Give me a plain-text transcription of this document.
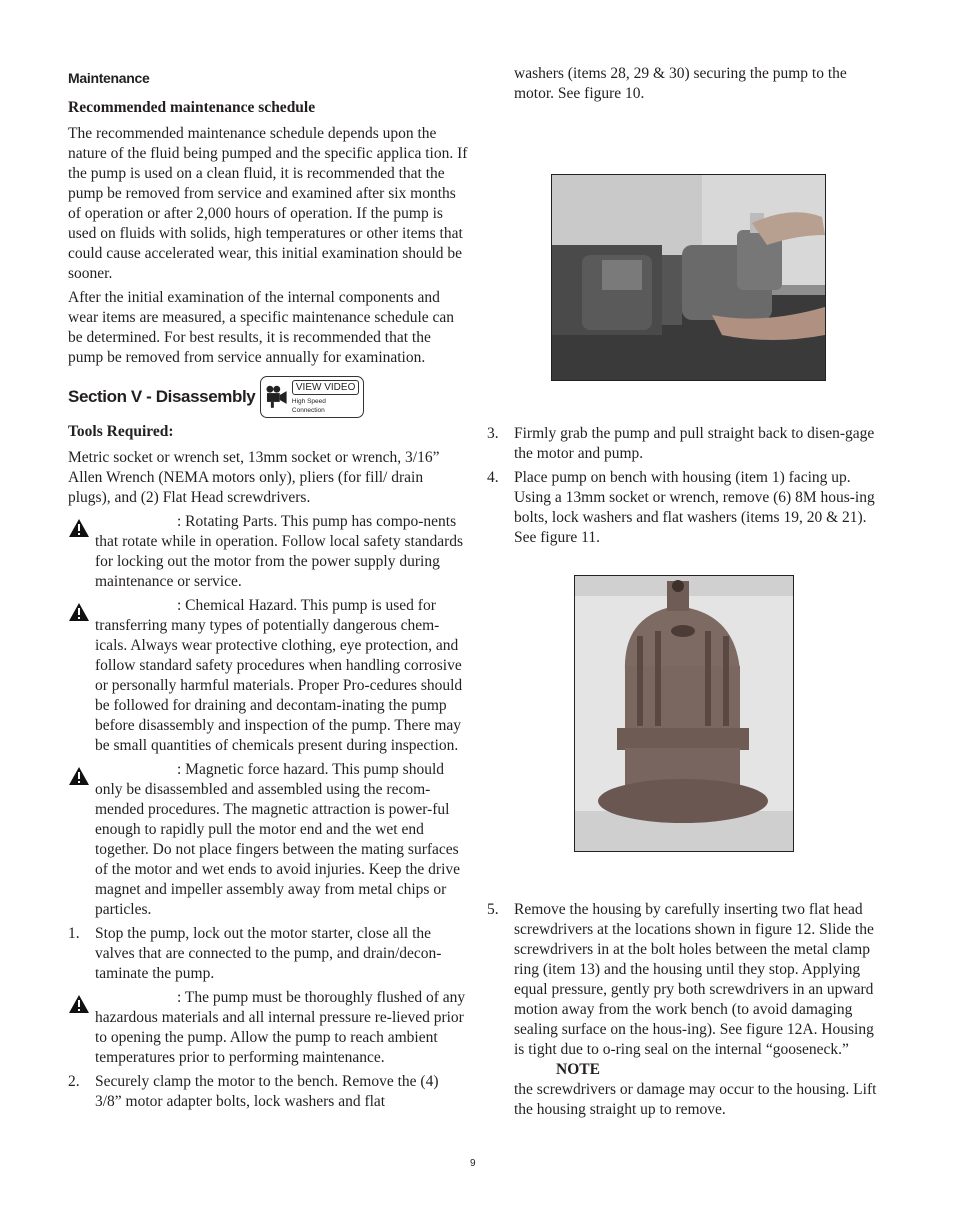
Maintenance
Recommended maintenance schedule

The recommended maintenance schedule depends upon the nature of the fluid being pumped and the specific applica tion. If the pump is used on a clean fluid, it is recommended that the pump be removed from service and examined after six months of operation or after 2,000 hours of operation. If the pump is used on fluids with solids, high temperatures or other items that could cause accelerated wear, this initial examination should be sooner.

After the initial examination of the internal components and wear items are measured, a specific maintenance schedule can be determined. For best results, it is recommended that the pump be removed from service annually for examination.

Section V - Disassembly	VIEW VIDEO
High Speed Connection
Tools Required:

Metric socket or wrench set, 13mm socket or wrench, 3/16” Allen Wrench (NEMA motors only), pliers (for fill/ drain plugs), and (2) Flat Head screwdrivers.

: Rotating Parts. This pump has compo-nents that rotate while in operation. Follow local safety standards for locking out the motor from the power supply during maintenance or service.
: Chemical Hazard. This pump is used for transferring many types of potentially dangerous chem-icals. Always wear protective clothing, eye protection, and follow standard safety procedures when handling corrosive or personally harmful materials. Proper Pro-cedures should be followed for draining and decontam-inating the pump before disassembly and inspection of the pump. There may be small quantities of chemicals present during inspection.
: Magnetic force hazard. This pump should only be disassembled and assembled using the recom-mended procedures. The magnetic attraction is power-ful enough to rapidly pull the motor end and the wet end together. Do not place fingers between the mating surfaces of the motor and wet ends to avoid injuries. Keep the drive magnet and impeller assembly away from metal chips or particles.
1. Stop the pump, lock out the motor starter, close all the valves that are connected to the pump, and drain/decon-taminate the pump.
: The pump must be thoroughly flushed of any hazardous materials and all internal pressure re-lieved prior to opening the pump. Allow the pump to reach ambient temperatures prior to performing maintenance.
2. Securely clamp the motor to the bench. Remove the (4) 3/8” motor adapter bolts, lock washers and flat
washers (items 28, 29 & 30) securing the pump to the motor. See figure 10.
3. Firmly grab the pump and pull straight back to disen-gage the motor and pump.
4. Place pump on bench with housing (item 1) facing up. Using a 13mm socket or wrench, remove (6) 8M hous-ing bolts, lock washers and flat washers (items 19, 20 & 21). See figure 11.
5. Remove the housing by carefully inserting two flat head screwdrivers at the locations shown in figure 12. Slide the screwdrivers in at the bolt holes between the metal clamp ring (item 13) and the housing until they stop. Applying equal pressure, gently pry both screwdrivers in an upward motion away from the work bench (to avoid damaging sealing surface on the hous-ing). See figure 12A. Housing is tight due to o-ring seal on the internal “gooseneck.” NOTE
the screwdrivers or damage may occur to the housing. Lift the housing straight up to remove.
9
